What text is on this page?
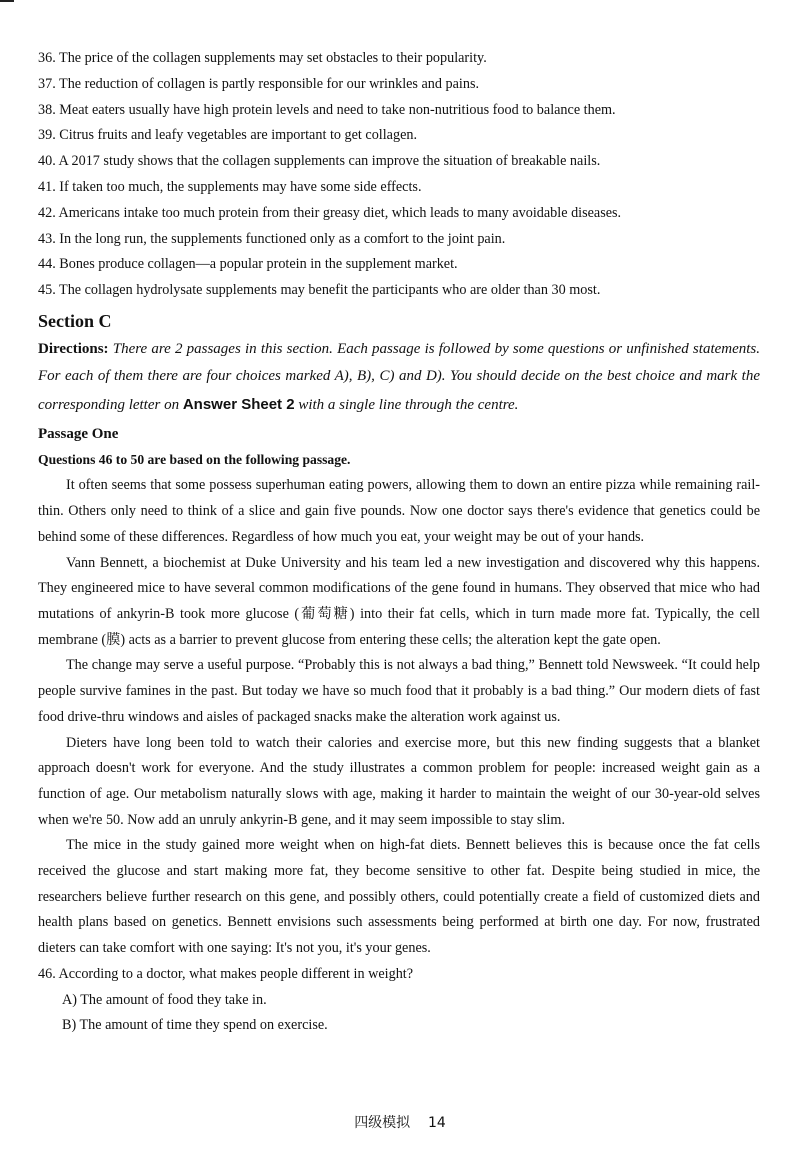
36. The price of the collagen supplements may set obstacles to their popularity.
37. The reduction of collagen is partly responsible for our wrinkles and pains.
38. Meat eaters usually have high protein levels and need to take non-nutritious food to balance them.
39. Citrus fruits and leafy vegetables are important to get collagen.
40. A 2017 study shows that the collagen supplements can improve the situation of breakable nails.
41. If taken too much, the supplements may have some side effects.
42. Americans intake too much protein from their greasy diet, which leads to many avoidable diseases.
43. In the long run, the supplements functioned only as a comfort to the joint pain.
44. Bones produce collagen—a popular protein in the supplement market.
45. The collagen hydrolysate supplements may benefit the participants who are older than 30 most.
Section C
Directions: There are 2 passages in this section. Each passage is followed by some questions or unfinished statements. For each of them there are four choices marked A), B), C) and D). You should decide on the best choice and mark the corresponding letter on Answer Sheet 2 with a single line through the centre.
Passage One
Questions 46 to 50 are based on the following passage.

It often seems that some possess superhuman eating powers, allowing them to down an entire pizza while remaining rail-thin. Others only need to think of a slice and gain five pounds. Now one doctor says there's evidence that genetics could be behind some of these differences. Regardless of how much you eat, your weight may be out of your hands.

Vann Bennett, a biochemist at Duke University and his team led a new investigation and discovered why this happens. They engineered mice to have several common modifications of the gene found in humans. They observed that mice who had mutations of ankyrin-B took more glucose (葡萄糖) into their fat cells, which in turn made more fat. Typically, the cell membrane (膜) acts as a barrier to prevent glucose from entering these cells; the alteration kept the gate open.

The change may serve a useful purpose. “Probably this is not always a bad thing,” Bennett told Newsweek. “It could help people survive famines in the past. But today we have so much food that it probably is a bad thing.” Our modern diets of fast food drive-thru windows and aisles of packaged snacks make the alteration work against us.

Dieters have long been told to watch their calories and exercise more, but this new finding suggests that a blanket approach doesn't work for everyone. And the study illustrates a common problem for people: increased weight gain as a function of age. Our metabolism naturally slows with age, making it harder to maintain the weight of our 30-year-old selves when we're 50. Now add an unruly ankyrin-B gene, and it may seem impossible to stay slim.

The mice in the study gained more weight when on high-fat diets. Bennett believes this is because once the fat cells received the glucose and start making more fat, they become sensitive to other fat. Despite being studied in mice, the researchers believe further research on this gene, and possibly others, could potentially create a field of customized diets and health plans based on genetics. Bennett envisions such assessments being performed at birth one day. For now, frustrated dieters can take comfort with one saying: It's not you, it's your genes.

46. According to a doctor, what makes people different in weight?
A) The amount of food they take in.
B) The amount of time they spend on exercise.
四级模拟    14
